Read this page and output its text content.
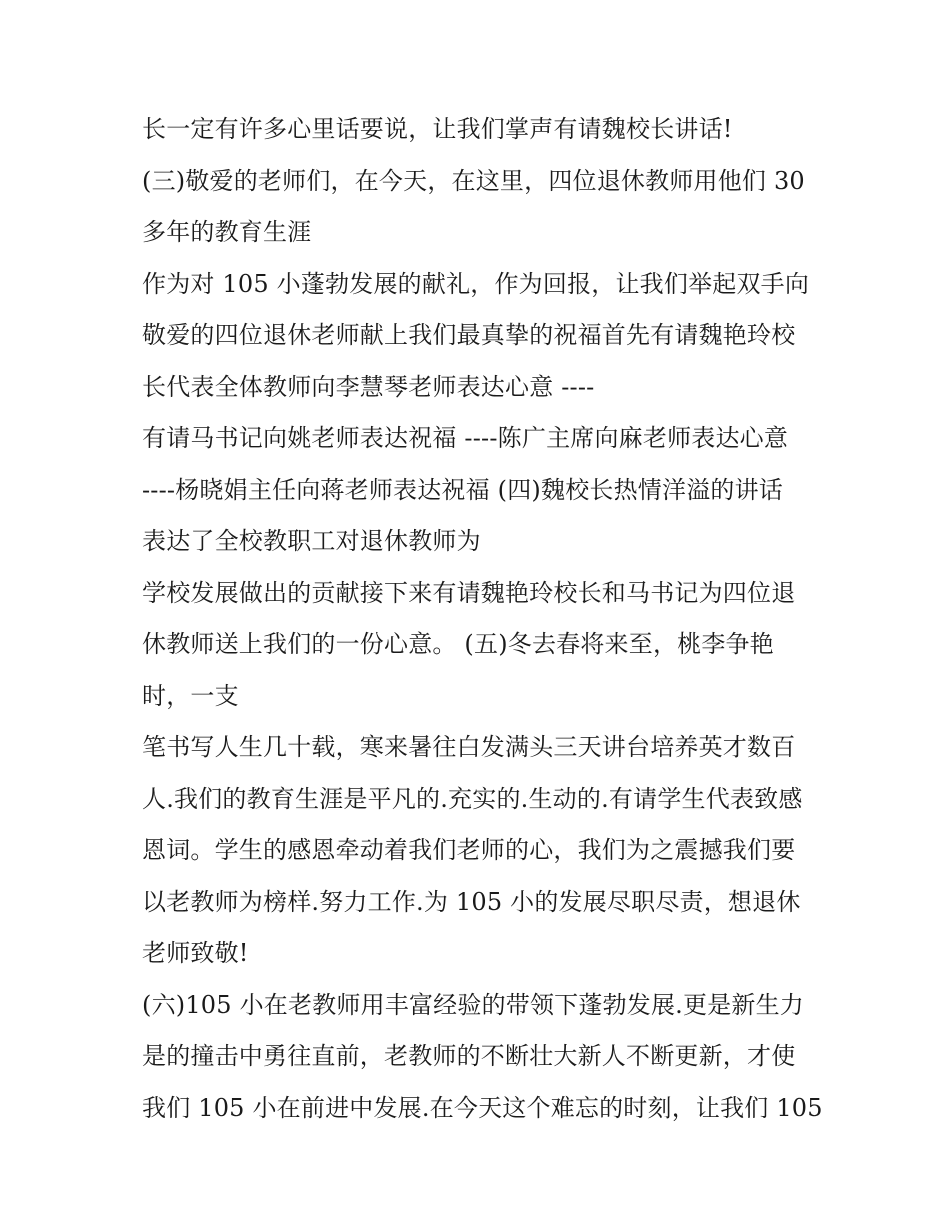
长一定有许多心里话要说，让我们掌声有请魏校长讲话!
(三)敬爱的老师们，在今天，在这里，四位退休教师用他们 30
多年的教育生涯
作为对 105 小蓬勃发展的献礼，作为回报，让我们举起双手向
敬爱的四位退休老师献上我们最真挚的祝福首先有请魏艳玲校
长代表全体教师向李慧琴老师表达心意 ----
有请马书记向姚老师表达祝福 ----陈广主席向麻老师表达心意
----杨晓娟主任向蒋老师表达祝福 (四)魏校长热情洋溢的讲话
表达了全校教职工对退休教师为
学校发展做出的贡献接下来有请魏艳玲校长和马书记为四位退
休教师送上我们的一份心意。 (五)冬去春将来至，桃李争艳
时，一支
笔书写人生几十载，寒来暑往白发满头三天讲台培养英才数百
人.我们的教育生涯是平凡的.充实的.生动的.有请学生代表致感
恩词。学生的感恩牵动着我们老师的心，我们为之震撼我们要
以老教师为榜样.努力工作.为 105 小的发展尽职尽责，想退休
老师致敬!
(六)105 小在老教师用丰富经验的带领下蓬勃发展.更是新生力
是的撞击中勇往直前，老教师的不断壮大新人不断更新，才使
我们 105 小在前进中发展.在今天这个难忘的时刻，让我们 105
